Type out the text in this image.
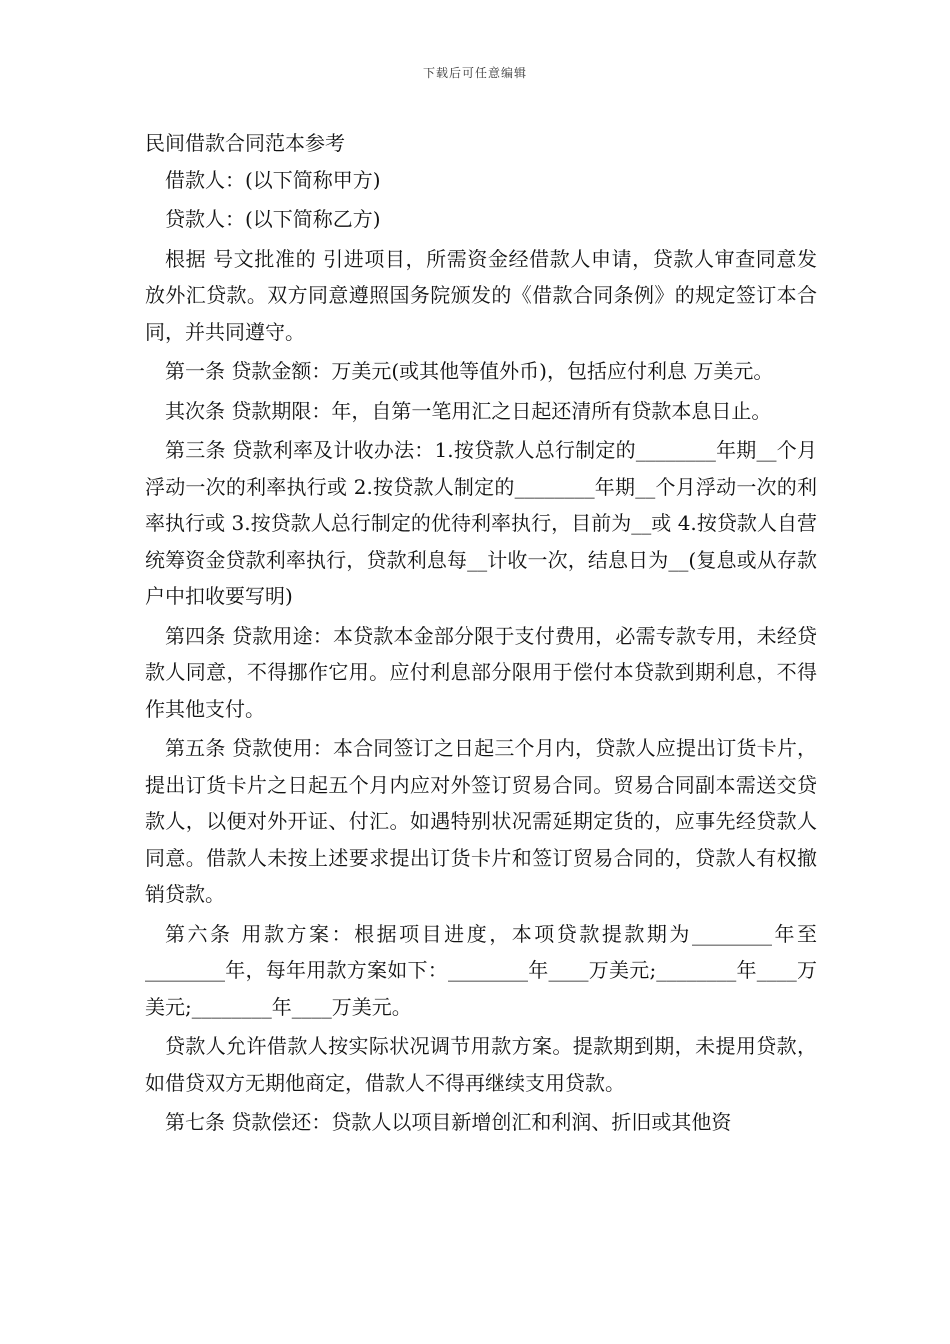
下载后可任意编辑
民间借款合同范本参考

借款人：(以下简称甲方)

贷款人：(以下简称乙方)

根据 号文批准的 引进项目，所需资金经借款人申请，贷款人审查同意发放外汇贷款。双方同意遵照国务院颁发的《借款合同条例》的规定签订本合同，并共同遵守。

第一条 贷款金额：万美元(或其他等值外币)，包括应付利息 万美元。

其次条 贷款期限：年，自第一笔用汇之日起还清所有贷款本息日止。

第三条 贷款利率及计收办法：1.按贷款人总行制定的________年期__个月浮动一次的利率执行或 2.按贷款人制定的________年期__个月浮动一次的利率执行或 3.按贷款人总行制定的优待利率执行，目前为__或 4.按贷款人自营统筹资金贷款利率执行，贷款利息每__计收一次，结息日为__(复息或从存款户中扣收要写明)

第四条 贷款用途：本贷款本金部分限于支付费用，必需专款专用，未经贷款人同意，不得挪作它用。应付利息部分限用于偿付本贷款到期利息，不得作其他支付。

第五条 贷款使用：本合同签订之日起三个月内，贷款人应提出订货卡片，提出订货卡片之日起五个月内应对外签订贸易合同。贸易合同副本需送交贷款人，以便对外开证、付汇。如遇特别状况需延期定货的，应事先经贷款人同意。借款人未按上述要求提出订货卡片和签订贸易合同的，贷款人有权撤销贷款。

第六条 用款方案：根据项目进度，本项贷款提款期为________年至________年，每年用款方案如下：________年____万美元;________年____万美元;________年____万美元。

贷款人允许借款人按实际状况调节用款方案。提款期到期，未提用贷款，如借贷双方无期他商定，借款人不得再继续支用贷款。

第七条 贷款偿还：贷款人以项目新增创汇和利润、折旧或其他资
